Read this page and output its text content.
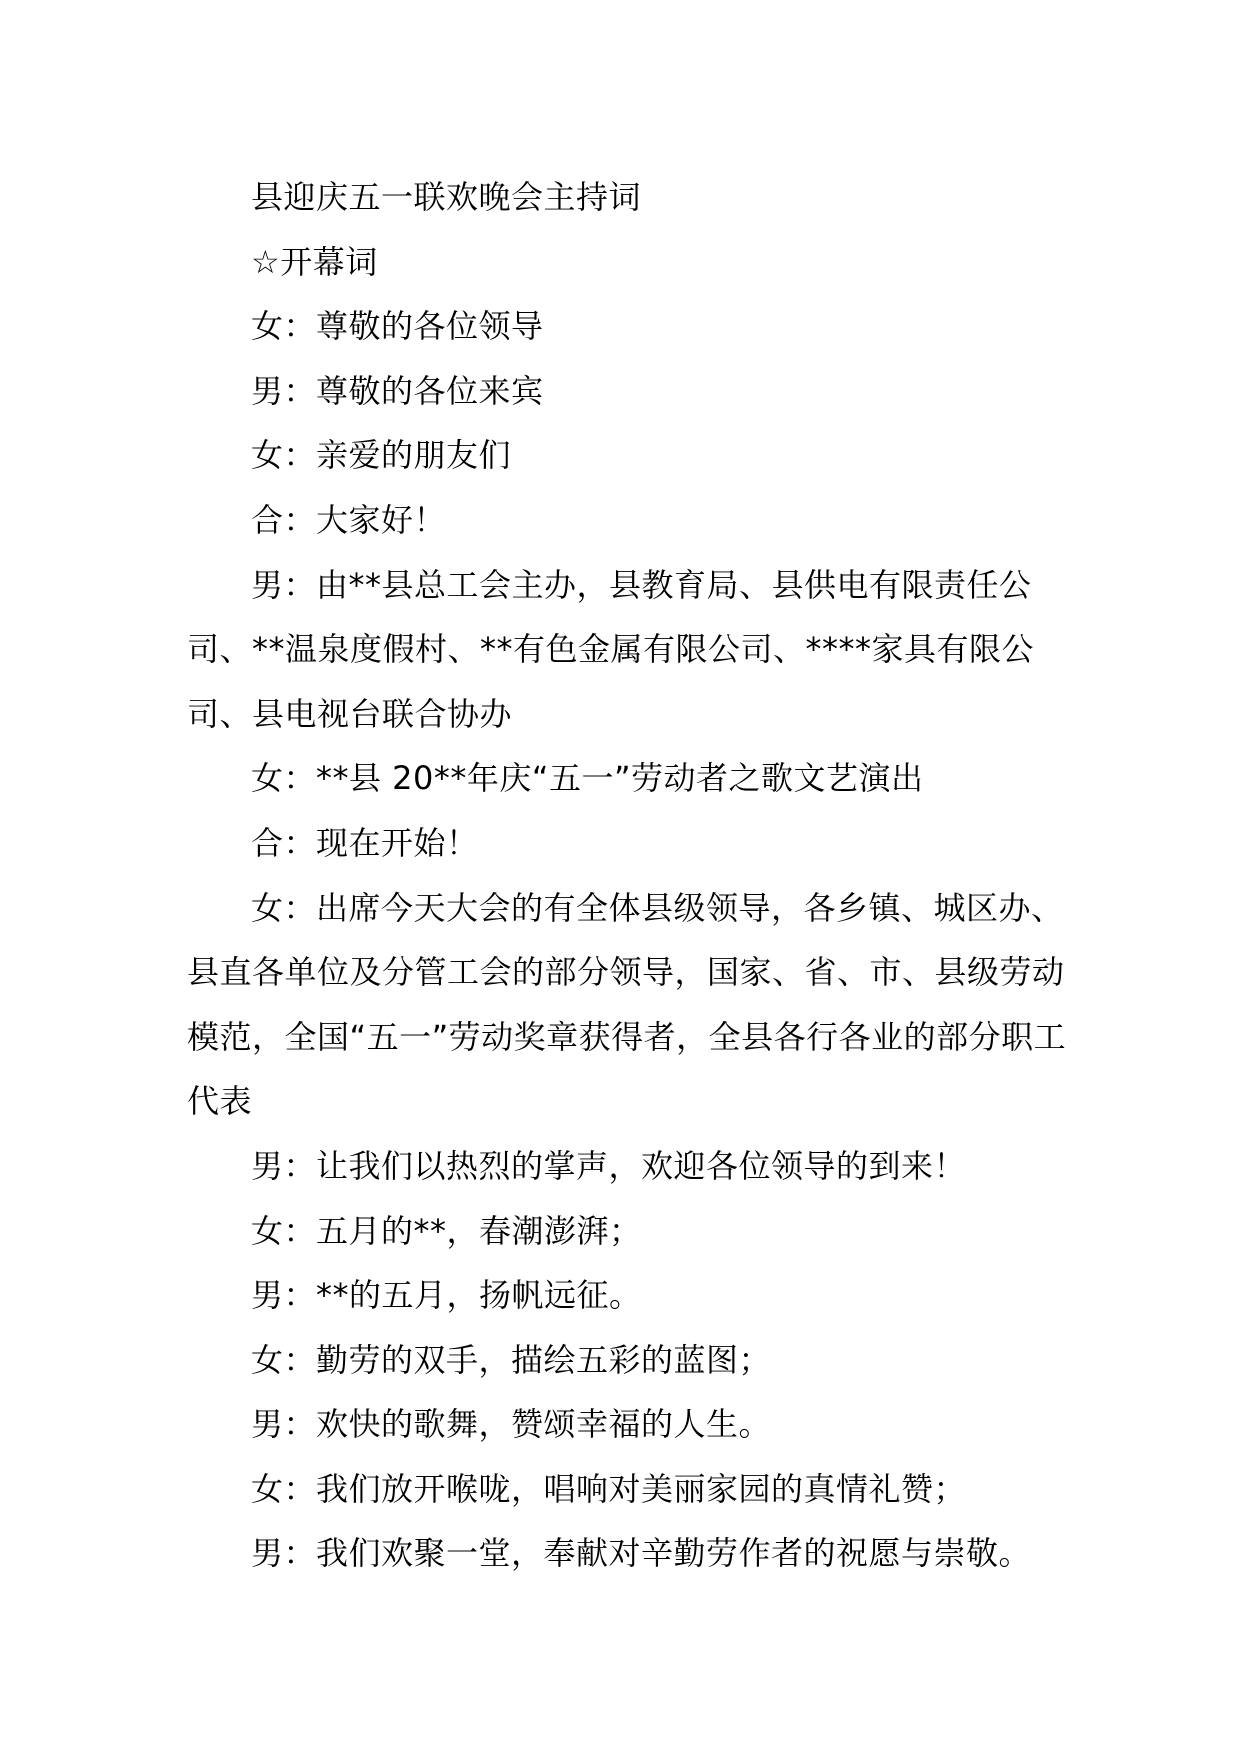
县迎庆五一联欢晚会主持词

☆开幕词

女：尊敬的各位领导

男：尊敬的各位来宾

女：亲爱的朋友们

合：大家好！

男：由**县总工会主办，县教育局、县供电有限责任公司、**温泉度假村、**有色金属有限公司、****家具有限公司、县电视台联合协办

女：**县 20**年庆“五一”劳动者之歌文艺演出

合：现在开始！

女：出席今天大会的有全体县级领导，各乡镇、城区办、县直各单位及分管工会的部分领导，国家、省、市、县级劳动模范，全国“五一”劳动奖章获得者，全县各行各业的部分职工代表

男：让我们以热烈的掌声，欢迎各位领导的到来！

女：五月的**，春潮澎湃；

男：**的五月，扬帆远征。

女：勤劳的双手，描绘五彩的蓝图；

男：欢快的歌舞，赞颂幸福的人生。

女：我们放开喉咙，唱响对美丽家园的真情礼赞；

男：我们欢聚一堂，奉献对辛勤劳作者的祝愿与崇敬。
